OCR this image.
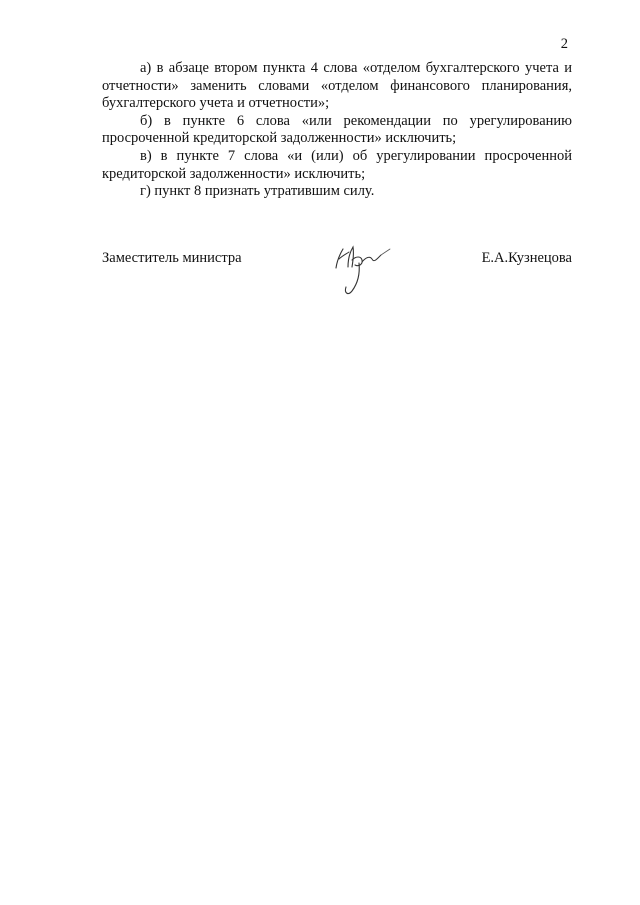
2

а) в абзаце втором пункта 4 слова «отделом бухгалтерского учета и отчетности» заменить словами «отделом финансового планирования, бухгалтерского учета и отчетности»;

б) в пункте 6 слова «или рекомендации по урегулированию просроченной кредиторской задолженности» исключить;

в) в пункте 7 слова «и (или) об урегулировании просроченной кредиторской задолженности» исключить;

г) пункт 8 признать утратившим силу.

Заместитель министра	Е.А.Кузнецова
